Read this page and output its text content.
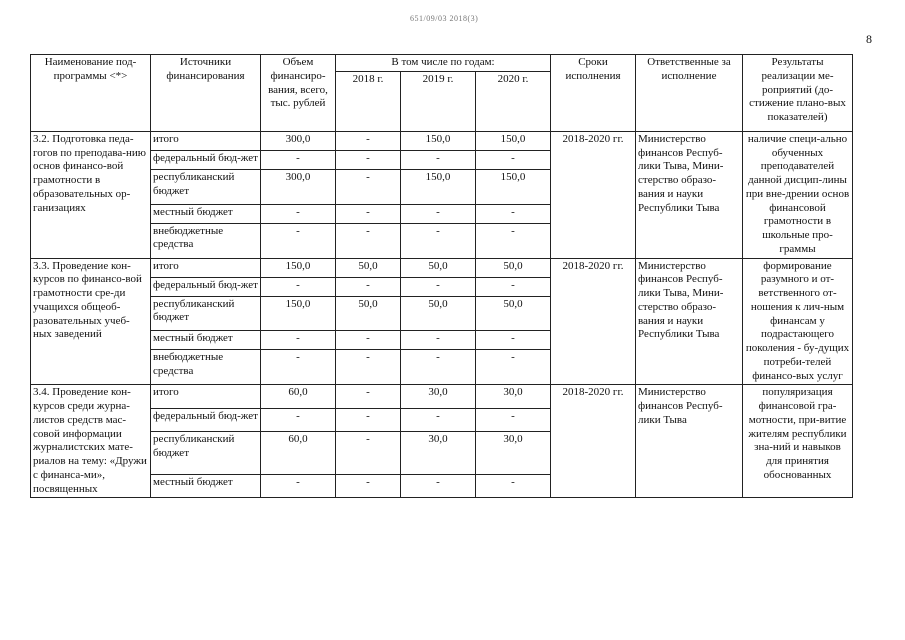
651/09/03 2018(3)
8
Наименование под-программы <*>	Источники финансирования	Объем финансиро-вания, всего, тыс. рублей	В том числе по годам:			Сроки исполнения	Ответственные за исполнение	Результаты реализации ме-роприятий (до-стижение плано-вых показателей)
			2018 г.	2019 г.	2020 г.			
3.2. Подготовка педа-гогов по преподава-нию основ финансо-вой грамотности в образовательных ор-ганизациях	итого	300,0	-	150,0	150,0	2018-2020 гг.	Министерство финансов Респуб-лики Тыва, Мини-стерство образо-вания и науки Республики Тыва	наличие специ-ально обученных преподавателей данной дисцип-лины при вне-дрении основ финансовой грамотности в школьные про-граммы
	федеральный бюд-жет	-	-	-	-			
	республиканский бюджет	300,0	-	150,0	150,0			
	местный бюджет	-	-	-	-			
	внебюджетные средства	-	-	-	-			
3.3. Проведение кон-курсов по финансо-вой грамотности сре-ди учащихся общеоб-разовательных учеб-ных заведений	итого	150,0	50,0	50,0	50,0	2018-2020 гг.	Министерство финансов Респуб-лики Тыва, Мини-стерство образо-вания и науки Республики Тыва	формирование разумного и от-ветственного от-ношения к лич-ным финансам у подрастающего поколения - бу-дущих потреби-телей финансо-вых услуг
	федеральный бюд-жет	-	-	-	-			
	республиканский бюджет	150,0	50,0	50,0	50,0			
	местный бюджет	-	-	-	-			
	внебюджетные средства	-	-	-	-			
3.4. Проведение кон-курсов среди журна-листов средств мас-совой информации журналистских мате-риалов на тему: «Дружи с финанса-ми», посвященных	итого	60,0	-	30,0	30,0	2018-2020 гг.	Министерство финансов Респуб-лики Тыва	популяризация финансовой гра-мотности, при-витие жителям республики зна-ний и навыков для принятия обоснованных
	федеральный бюд-жет	-	-	-	-			
	республиканский бюджет	60,0	-	30,0	30,0			
	местный бюджет	-	-	-	-			
